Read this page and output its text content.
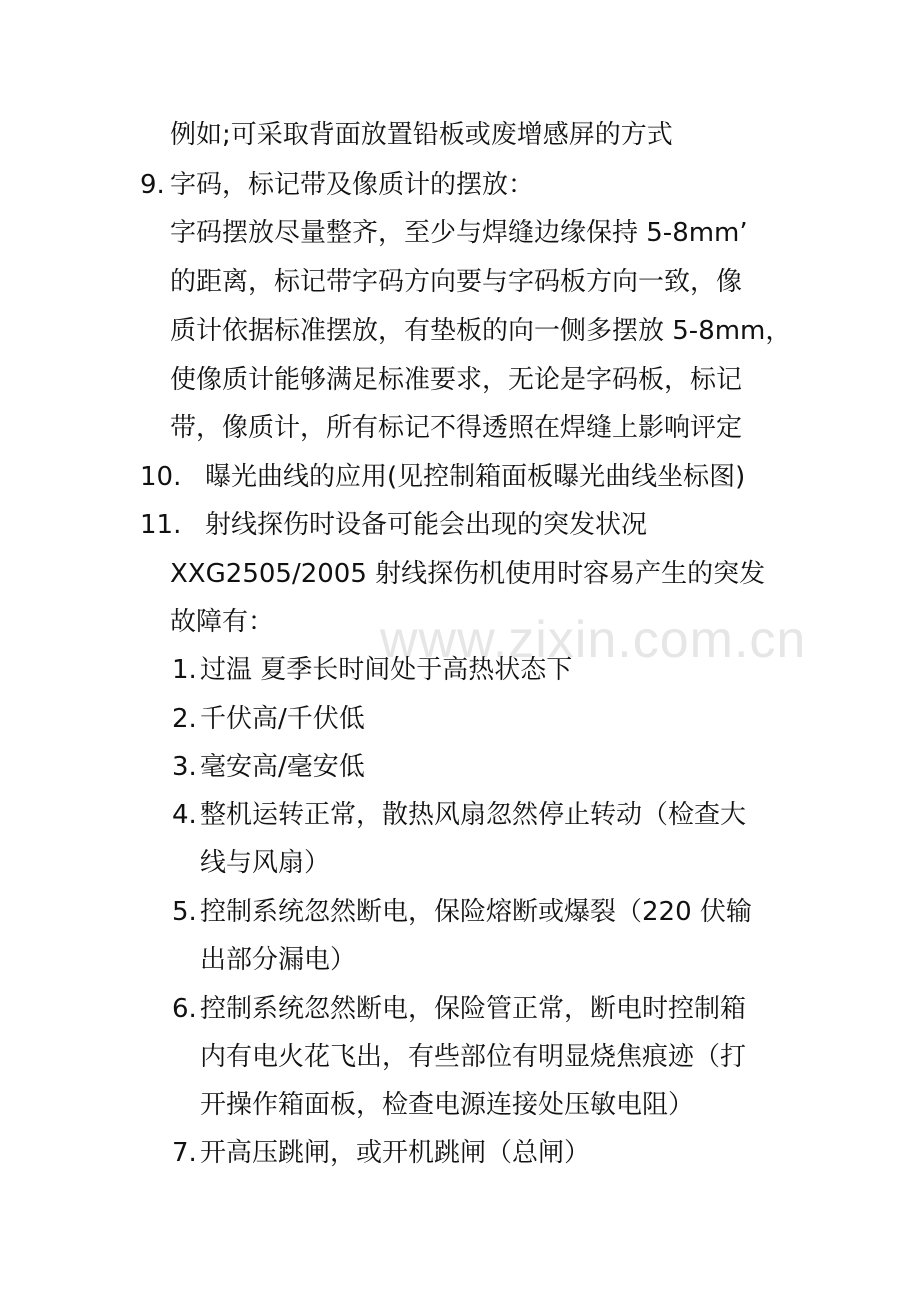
www.zixin.com.cn
例如;可采取背面放置铅板或废增感屏的方式
9. 字码，标记带及像质计的摆放：
字码摆放尽量整齐，至少与焊缝边缘保持 5-8mm’
的距离，标记带字码方向要与字码板方向一致，像
质计依据标准摆放，有垫板的向一侧多摆放 5-8mm，
使像质计能够满足标准要求，无论是字码板，标记
带，像质计，所有标记不得透照在焊缝上影响评定
10. 曝光曲线的应用(见控制箱面板曝光曲线坐标图)
11. 射线探伤时设备可能会出现的突发状况
XXG2505/2005 射线探伤机使用时容易产生的突发
故障有：
1. 过温 夏季长时间处于高热状态下
2. 千伏高/千伏低
3. 毫安高/毫安低
4. 整机运转正常，散热风扇忽然停止转动（检查大
线与风扇）
5. 控制系统忽然断电，保险熔断或爆裂（220 伏输
出部分漏电）
6. 控制系统忽然断电，保险管正常，断电时控制箱
内有电火花飞出，有些部位有明显烧焦痕迹（打
开操作箱面板，检查电源连接处压敏电阻）
7. 开高压跳闸，或开机跳闸（总闸）
